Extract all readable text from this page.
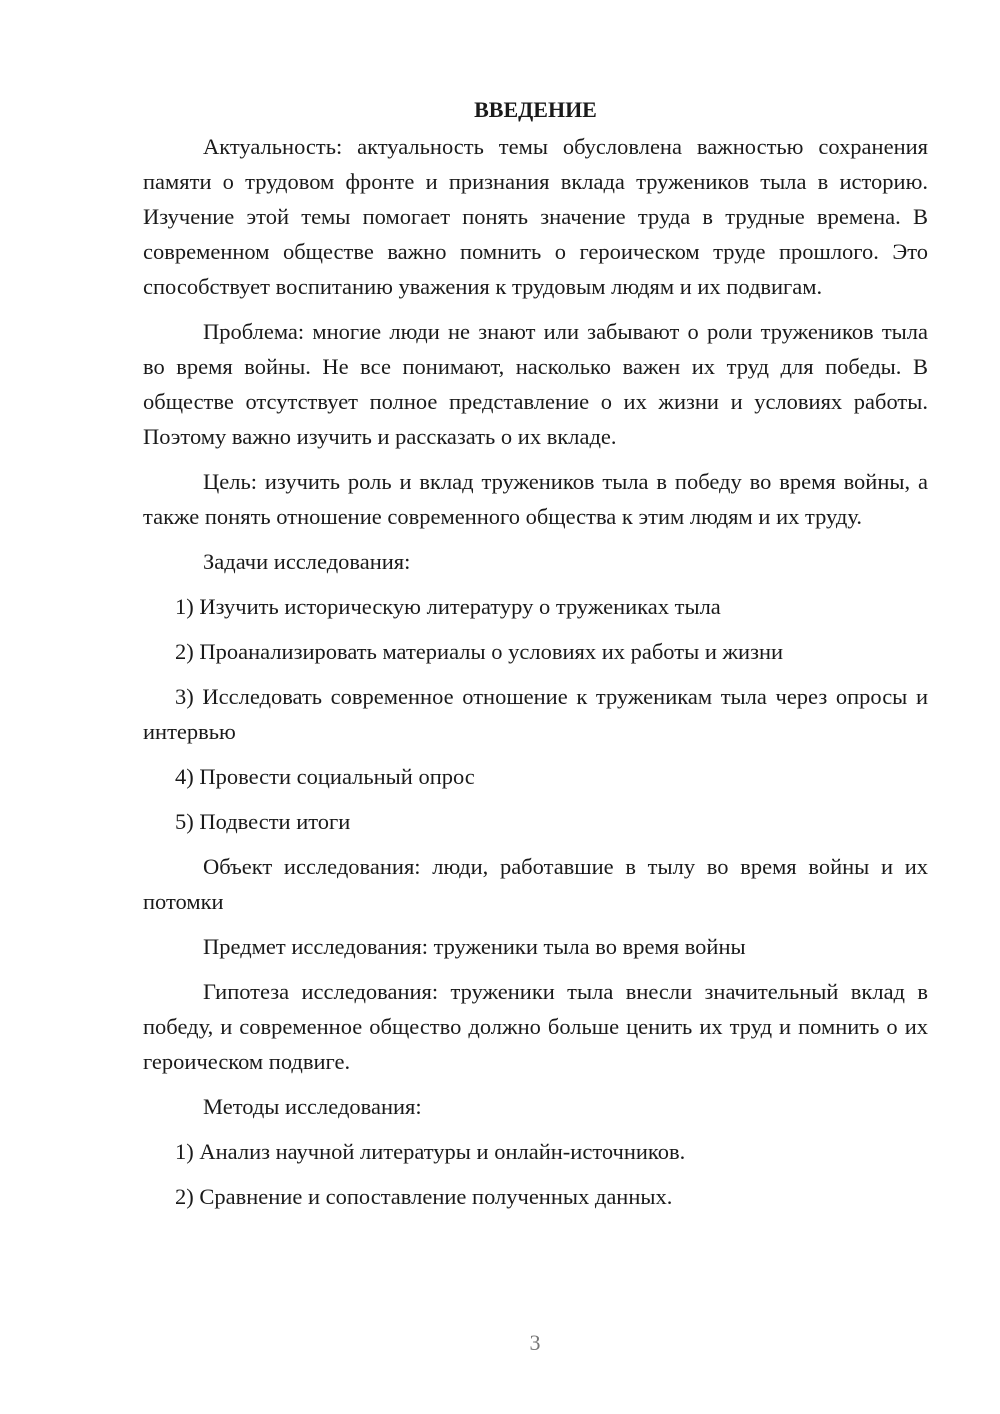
ВВЕДЕНИЕ

Актуальность: актуальность темы обусловлена важностью сохранения памяти о трудовом фронте и признания вклада тружеников тыла в историю. Изучение этой темы помогает понять значение труда в трудные времена. В современном обществе важно помнить о героическом труде прошлого. Это способствует воспитанию уважения к трудовым людям и их подвигам.

Проблема: многие люди не знают или забывают о роли тружеников тыла во время войны. Не все понимают, насколько важен их труд для победы. В обществе отсутствует полное представление о их жизни и условиях работы. Поэтому важно изучить и рассказать о их вкладе.

Цель: изучить роль и вклад тружеников тыла в победу во время войны, а также понять отношение современного общества к этим людям и их труду.

Задачи исследования:

1) Изучить историческую литературу о тружениках тыла

2) Проанализировать материалы о условиях их работы и жизни

3) Исследовать современное отношение к труженикам тыла через опросы и интервью

4) Провести социальный опрос

5) Подвести итоги

Объект исследования: люди, работавшие в тылу во время войны и их потомки

Предмет исследования: труженики тыла во время войны

Гипотеза исследования: труженики тыла внесли значительный вклад в победу, и современное общество должно больше ценить их труд и помнить о их героическом подвиге.

Методы исследования:

1) Анализ научной литературы и онлайн-источников.

2) Сравнение и сопоставление полученных данных.

3
